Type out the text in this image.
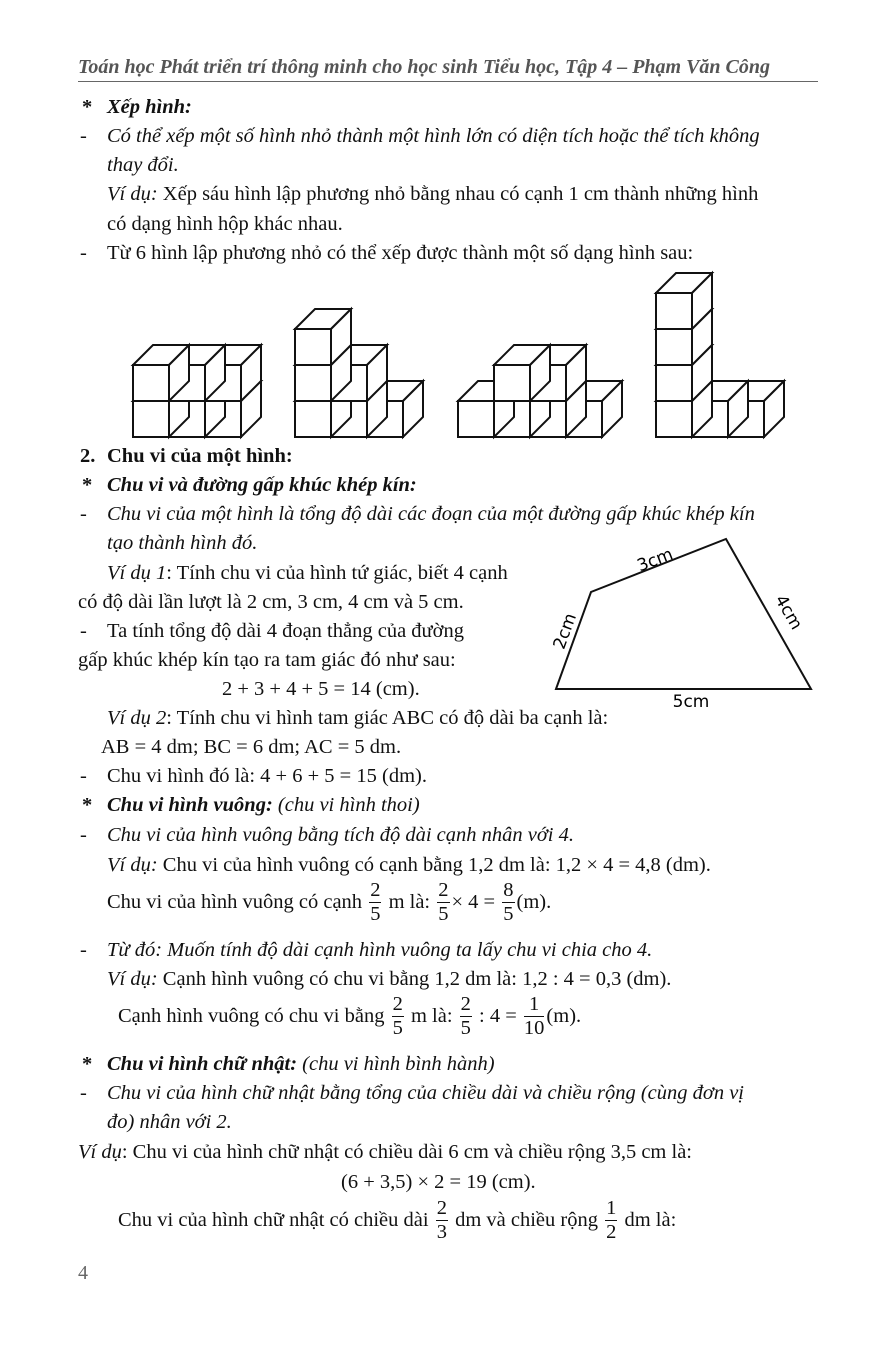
Toán học Phát triển trí thông minh cho học sinh Tiểu học, Tập 4 – Phạm Văn Công
* Xếp hình:
- Có thể xếp một số hình nhỏ thành một hình lớn có diện tích hoặc thể tích không
thay đổi.
Ví dụ: Xếp sáu hình lập phương nhỏ bằng nhau có cạnh 1 cm thành những hình
có dạng hình hộp khác nhau.
- Từ 6 hình lập phương nhỏ có thể xếp được thành một số dạng hình sau:
2. Chu vi của một hình:
* Chu vi và đường gấp khúc khép kín:
- Chu vi của một hình là tổng độ dài các đoạn của một đường gấp khúc khép kín
tạo thành hình đó.
Ví dụ 1: Tính chu vi của hình tứ giác, biết 4 cạnh
có độ dài lần lượt là 2 cm, 3 cm, 4 cm và 5 cm.
- Ta tính tổng độ dài 4 đoạn thẳng của đường
gấp khúc khép kín tạo ra tam giác đó như sau:
2 + 3 + 4 + 5 = 14 (cm).
3cm
4cm
2cm
5cm
Ví dụ 2: Tính chu vi hình tam giác ABC có độ dài ba cạnh là:
AB = 4 dm; BC = 6 dm; AC = 5 dm.
- Chu vi hình đó là: 4 + 6 + 5 = 15 (dm).
* Chu vi hình vuông: (chu vi hình thoi)
- Chu vi của hình vuông bằng tích độ dài cạnh nhân với 4.
Ví dụ: Chu vi của hình vuông có cạnh bằng 1,2 dm là: 1,2 × 4 = 4,8 (dm).
Chu vi của hình vuông có cạnh $\frac{2}{5}$ m là: $\frac{2}{5} \times 4 = \frac{8}{5} (m)$.
- Từ đó: Muốn tính độ dài cạnh hình vuông ta lấy chu vi chia cho 4.
Ví dụ: Cạnh hình vuông có chu vi bằng 1,2 dm là: 1,2 : 4 = 0,3 (dm).
Cạnh hình vuông có chu vi bằng $\frac{2}{5}$ m là: $\frac{2}{5}$ : $4 = \frac{1}{10} (m)$.
* Chu vi hình chữ nhật: (chu vi hình bình hành)
- Chu vi của hình chữ nhật bằng tổng của chiều dài và chiều rộng (cùng đơn vị
đo) nhân với 2.
Ví dụ: Chu vi của hình chữ nhật có chiều dài 6 cm và chiều rộng 3,5 cm là:
(6 + 3,5) × 2 = 19 (cm).
Chu vi của hình chữ nhật có chiều dài $\frac{2}{3}$ dm và chiều rộng $\frac{1}{2}$ dm là:
4
